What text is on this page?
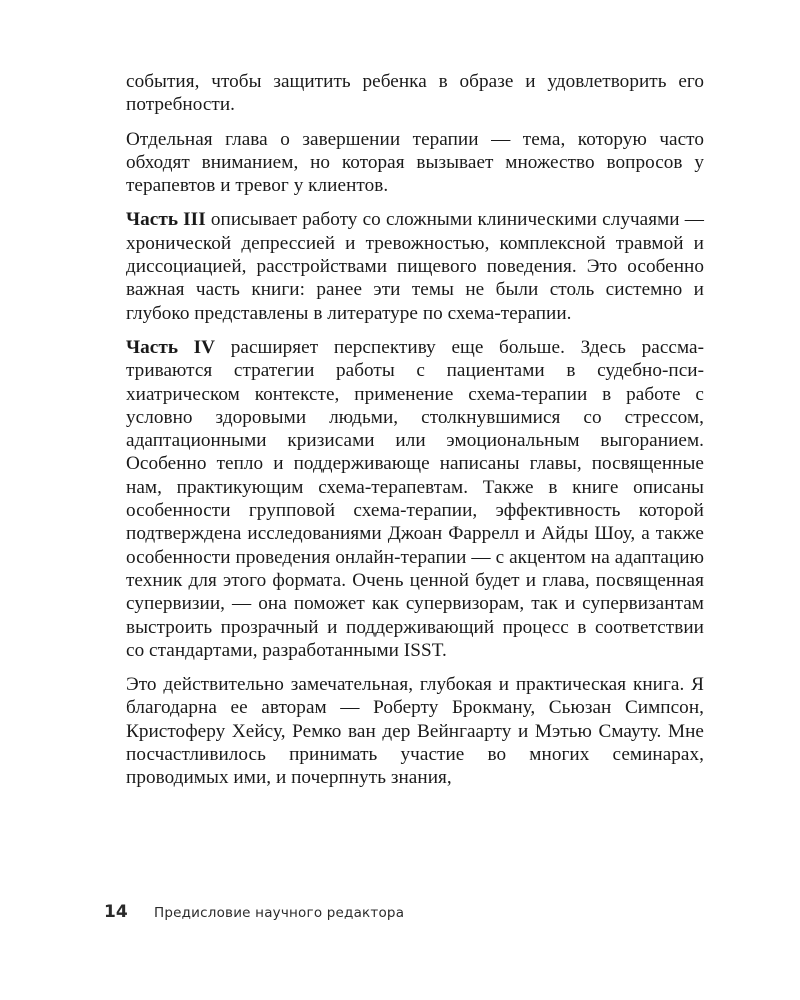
события, чтобы защитить ребенка в образе и удовлетворить его потребности.

Отдельная глава о завершении терапии — тема, которую часто обходят вниманием, но которая вызывает множество вопросов у терапевтов и тревог у клиентов.

Часть III описывает работу со сложными клиническими случаями — хронической депрессией и тревожностью, комплексной травмой и диссоциацией, расстройствами пищевого поведения. Это особенно важная часть книги: ранее эти темы не были столь системно и глубоко представлены в литературе по схема-терапии.

Часть IV расширяет перспективу еще больше. Здесь рассматриваются стратегии работы с пациентами в судебно-психиатрическом контексте, применение схема-терапии в работе с условно здоровыми людьми, столкнувшимися со стрессом, адаптационными кризисами или эмоциональным выгоранием. Особенно тепло и поддерживающе написаны главы, посвященные нам, практикующим схема-терапевтам. Также в книге описаны особенности групповой схема-терапии, эффективность которой подтверждена исследованиями Джоан Фаррелл и Айды Шоу, а также особенности проведения онлайн-терапии — с акцентом на адаптацию техник для этого формата. Очень ценной будет и глава, посвященная супервизии, — она поможет как супервизорам, так и супервизантам выстроить прозрачный и поддерживающий процесс в соответствии со стандартами, разработанными ISST.

Это действительно замечательная, глубокая и практическая книга. Я благодарна ее авторам — Роберту Брокману, Сьюзан Симпсон, Кристоферу Хейсу, Ремко ван дер Вейнгаарту и Мэтью Смауту. Мне посчастливилось принимать участие во многих семинарах, проводимых ими, и почерпнуть знания,

14	Предисловие научного редактора
